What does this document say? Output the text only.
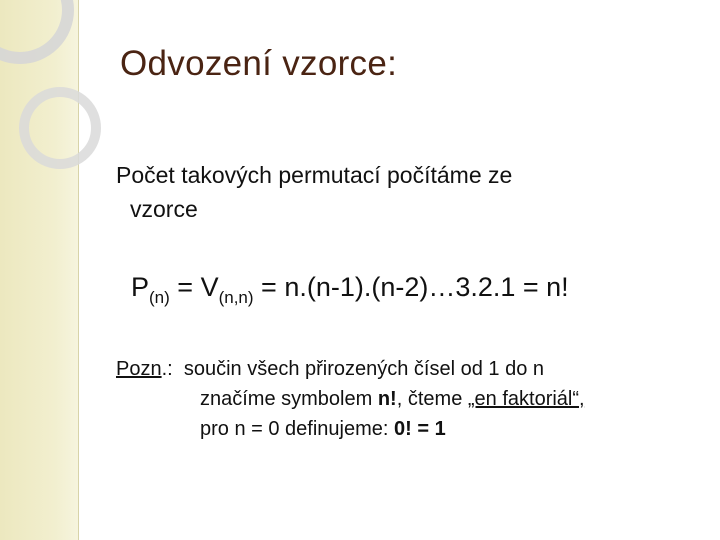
Odvození vzorce:
Počet takových permutací počítáme ze
vzorce
$P_{(n)} = V_{(n,n)}$ = n.(n-1).(n-2)…3.2.1 = n!
Pozn.:  součin všech přirozených čísel od 1 do n
značíme symbolem n!, čteme „en faktoriál“,
pro n = 0 definujeme: 0! = 1
